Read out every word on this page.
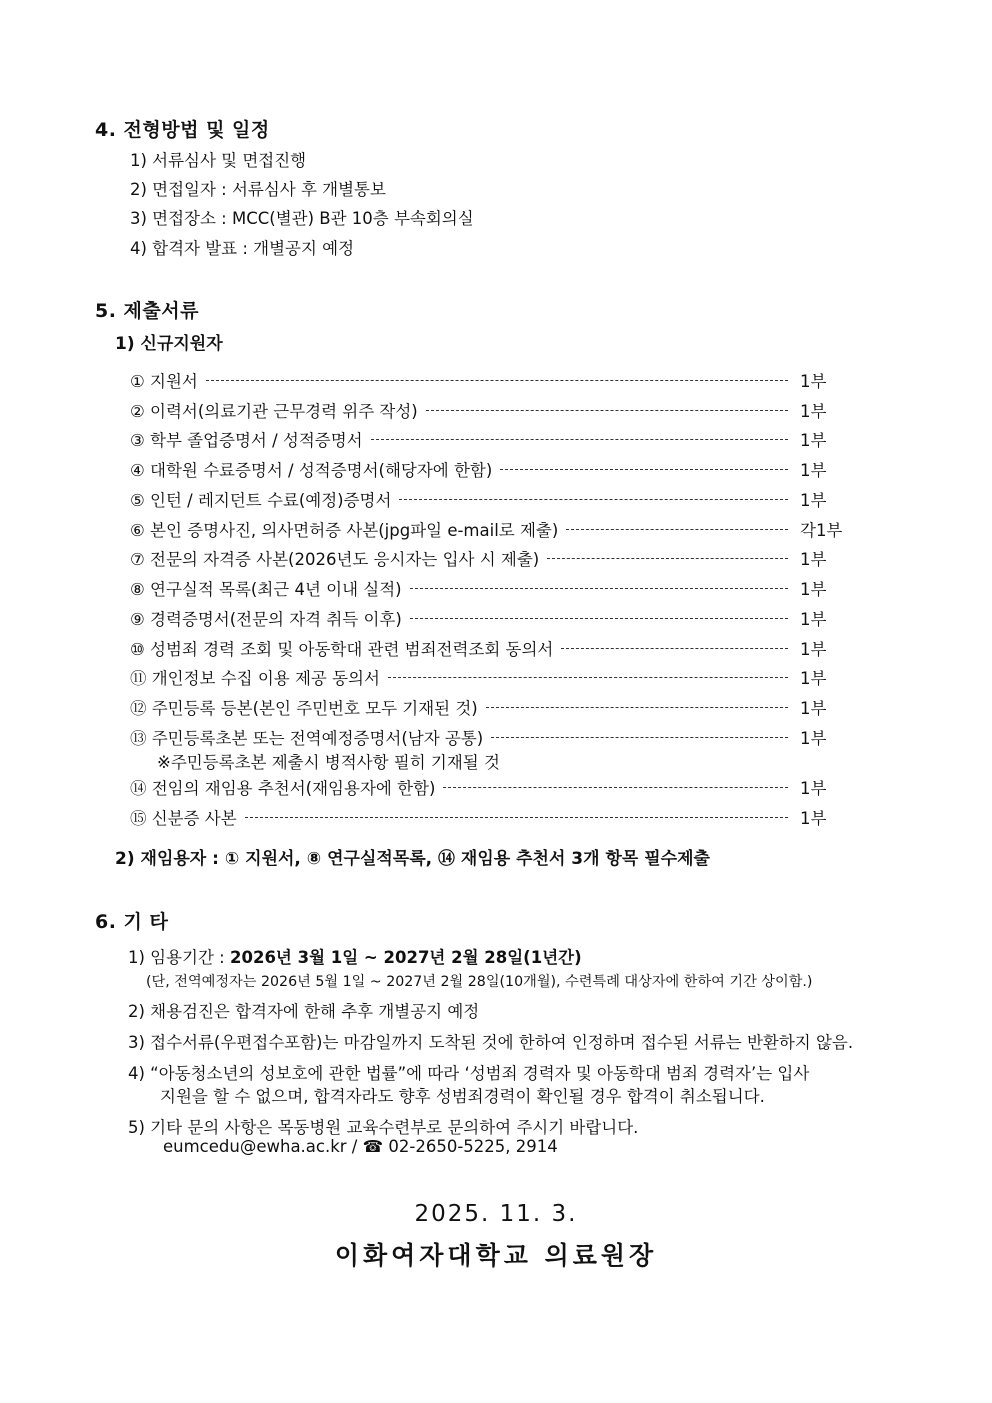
4. 전형방법 및 일정
1) 서류심사 및 면접진행
2) 면접일자 : 서류심사 후 개별통보
3) 면접장소 : MCC(별관) B관 10층 부속회의실
4) 합격자 발표 : 개별공지 예정
5. 제출서류
1) 신규지원자
① 지원서	1부
② 이력서(의료기관 근무경력 위주 작성)	1부
③ 학부 졸업증명서 / 성적증명서	1부
④ 대학원 수료증명서 / 성적증명서(해당자에 한함)	1부
⑤ 인턴 / 레지던트 수료(예정)증명서	1부
⑥ 본인 증명사진, 의사면허증 사본(jpg파일 e-mail로 제출)	각1부
⑦ 전문의 자격증 사본(2026년도 응시자는 입사 시 제출)	1부
⑧ 연구실적 목록(최근 4년 이내 실적)	1부
⑨ 경력증명서(전문의 자격 취득 이후)	1부
⑩ 성범죄 경력 조회 및 아동학대 관련 범죄전력조회 동의서	1부
⑪ 개인정보 수집 이용 제공 동의서	1부
⑫ 주민등록 등본(본인 주민번호 모두 기재된 것)	1부
⑬ 주민등록초본 또는 전역예정증명서(남자 공통)	1부
⑭ 전임의 재임용 추천서(재임용자에 한함)	1부
⑮ 신분증 사본	1부
※주민등록초본 제출시 병적사항 필히 기재될 것
2) 재임용자 : ① 지원서, ⑧ 연구실적목록, ⑭ 재임용 추천서 3개 항목 필수제출
6. 기 타
1) 임용기간 : 2026년 3월 1일 ~ 2027년 2월 28일(1년간)
(단, 전역예정자는 2026년 5월 1일 ~ 2027년 2월 28일(10개월), 수련특례 대상자에 한하여 기간 상이함.)
2) 채용검진은 합격자에 한해 추후 개별공지 예정
3) 접수서류(우편접수포함)는 마감일까지 도착된 것에 한하여 인정하며 접수된 서류는 반환하지 않음.
4) “아동청소년의 성보호에 관한 법률”에 따라 ‘성범죄 경력자 및 아동학대 범죄 경력자’는 입사
지원을 할 수 없으며, 합격자라도 향후 성범죄경력이 확인될 경우 합격이 취소됩니다.
5) 기타 문의 사항은 목동병원 교육수련부로 문의하여 주시기 바랍니다.
eumcedu@ewha.ac.kr / ☎ 02-2650-5225, 2914
2025. 11. 3.
이화여자대학교 의료원장
